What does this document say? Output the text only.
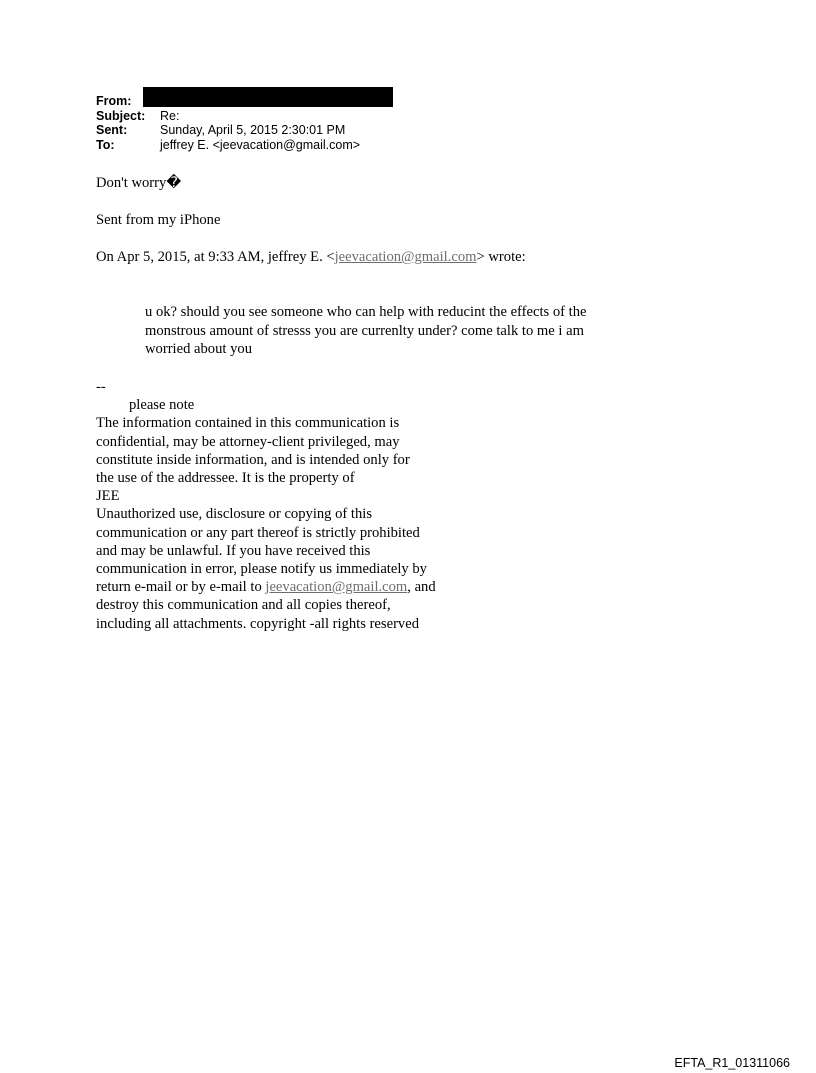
From:
Subject:	Re:
Sent:	Sunday, April 5, 2015 2:30:01 PM
To:	jeffrey E. <jeevacation@gmail.com>
Don't worry�
Sent from my iPhone
On Apr 5, 2015, at 9:33 AM, jeffrey E. <jeevacation@gmail.com> wrote:
u ok? should you see someone who can help with reducint the effects of the
monstrous amount of stresss you are currenlty under? come talk to me i am
worried about you
--
please note
The information contained in this communication is
confidential, may be attorney-client privileged, may
constitute inside information, and is intended only for
the use of the addressee. It is the property of
JEE
Unauthorized use, disclosure or copying of this
communication or any part thereof is strictly prohibited
and may be unlawful. If you have received this
communication in error, please notify us immediately by
return e-mail or by e-mail to jeevacation@gmail.com, and
destroy this communication and all copies thereof,
including all attachments. copyright -all rights reserved
EFTA_R1_01311066
